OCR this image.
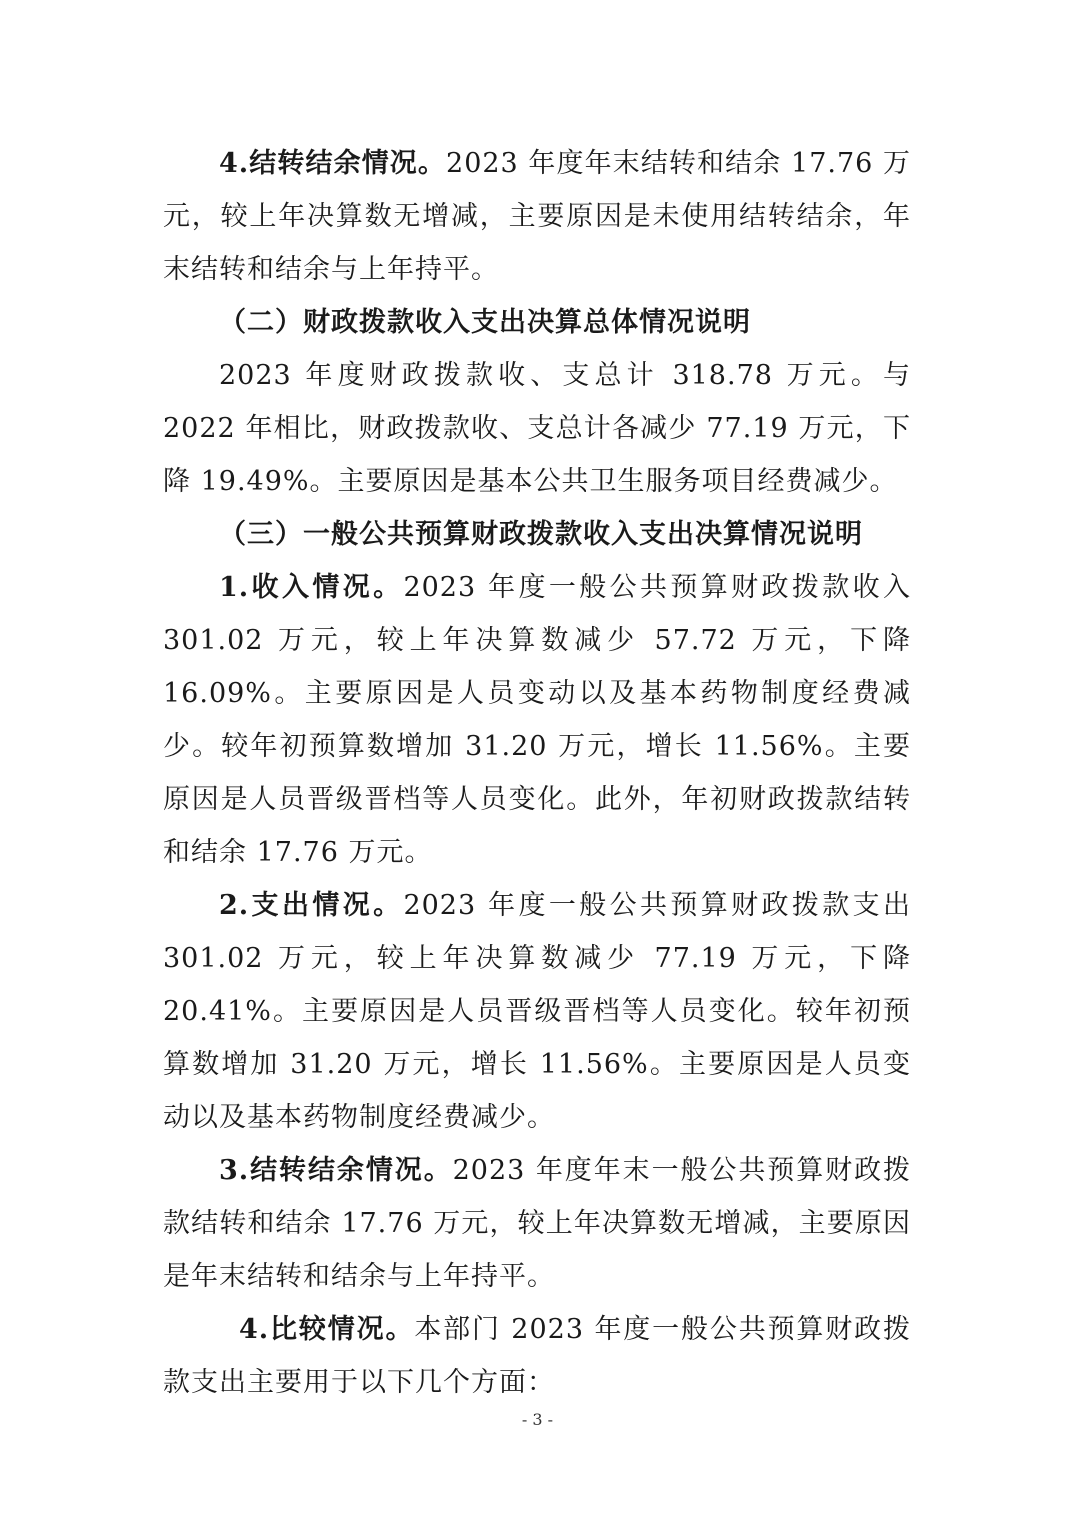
4.结转结余情况。2023 年度年末结转和结余 17.76 万元，较上年决算数无增减，主要原因是未使用结转结余，年末结转和结余与上年持平。

（二）财政拨款收入支出决算总体情况说明

2023 年度财政拨款收、支总计 318.78 万元。与 2022 年相比，财政拨款收、支总计各减少 77.19 万元，下降 19.49%。主要原因是基本公共卫生服务项目经费减少。

（三）一般公共预算财政拨款收入支出决算情况说明

1.收入情况。2023 年度一般公共预算财政拨款收入 301.02 万元，较上年决算数减少 57.72 万元，下降 16.09%。主要原因是人员变动以及基本药物制度经费减少。较年初预算数增加 31.20 万元，增长 11.56%。主要原因是人员晋级晋档等人员变化。此外，年初财政拨款结转和结余 17.76 万元。

2.支出情况。2023 年度一般公共预算财政拨款支出 301.02 万元，较上年决算数减少 77.19 万元，下降 20.41%。主要原因是人员晋级晋档等人员变化。较年初预算数增加 31.20 万元，增长 11.56%。主要原因是人员变动以及基本药物制度经费减少。

3.结转结余情况。2023 年度年末一般公共预算财政拨款结转和结余 17.76 万元，较上年决算数无增减，主要原因是年末结转和结余与上年持平。

4.比较情况。本部门 2023 年度一般公共预算财政拨款支出主要用于以下几个方面：

- 3 -
